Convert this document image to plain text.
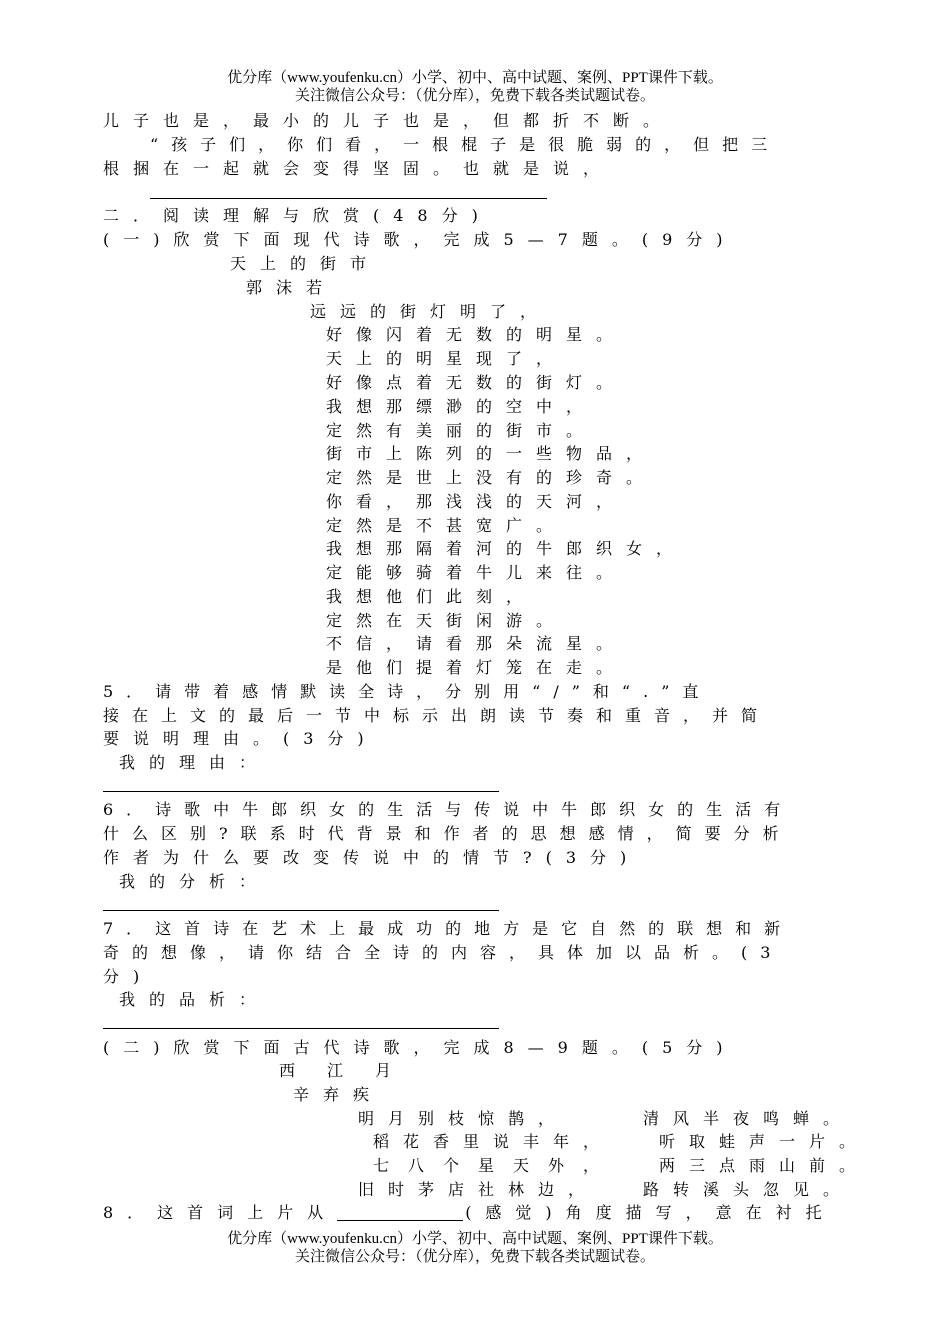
优分库（www.youfenku.cn）小学、初中、高中试题、案例、PPT课件下载。
关注微信公众号：（优分库），免费下载各类试题试卷。
儿子也是，最小的儿子也是，但都折不断。
“孩子们，你们看，一根棍子是很脆弱的，但把三
根捆在一起就会变得坚固。也就是说，
二．阅读理解与欣赏(48分)
(一)欣赏下面现代诗歌，完成5—7题。(9分)
天上的街市
郭沫若
远远的街灯明了，
好像闪着无数的明星。
天上的明星现了，
好像点着无数的街灯。
我想那缥渺的空中，
定然有美丽的街市。
街市上陈列的一些物品，
定然是世上没有的珍奇。
你看，那浅浅的天河，
定然是不甚宽广。
我想那隔着河的牛郎织女，
定能够骑着牛儿来往。
我想他们此刻，
定然在天街闲游。
不信，请看那朵流星。
是他们提着灯笼在走。
5．请带着感情默读全诗，分别用“/”和“.”直
接在上文的最后一节中标示出朗读节奏和重音，并简
要说明理由。(3分)
我的理由：
6．诗歌中牛郎织女的生活与传说中牛郎织女的生活有
什么区别?联系时代背景和作者的思想感情，简要分析
作者为什么要改变传说中的情节?(3分)
我的分析：
7．这首诗在艺术上最成功的地方是它自然的联想和新
奇的想像，请你结合全诗的内容，具体加以品析。(3
分)
我的品析：
(二)欣赏下面古代诗歌，完成8—9题。(5分)
西　江　月
辛弃疾
明月别枝惊鹊，	清风半夜鸣蝉。
稻花香里说丰年，	听取蛙声一片。
七八个星天外，	两三点雨山前。
旧时茅店社林边，	路转溪头忽见。
8．这首词上片从	(感觉)角度描写，意在衬托
优分库（www.youfenku.cn）小学、初中、高中试题、案例、PPT课件下载。
关注微信公众号：（优分库），免费下载各类试题试卷。
